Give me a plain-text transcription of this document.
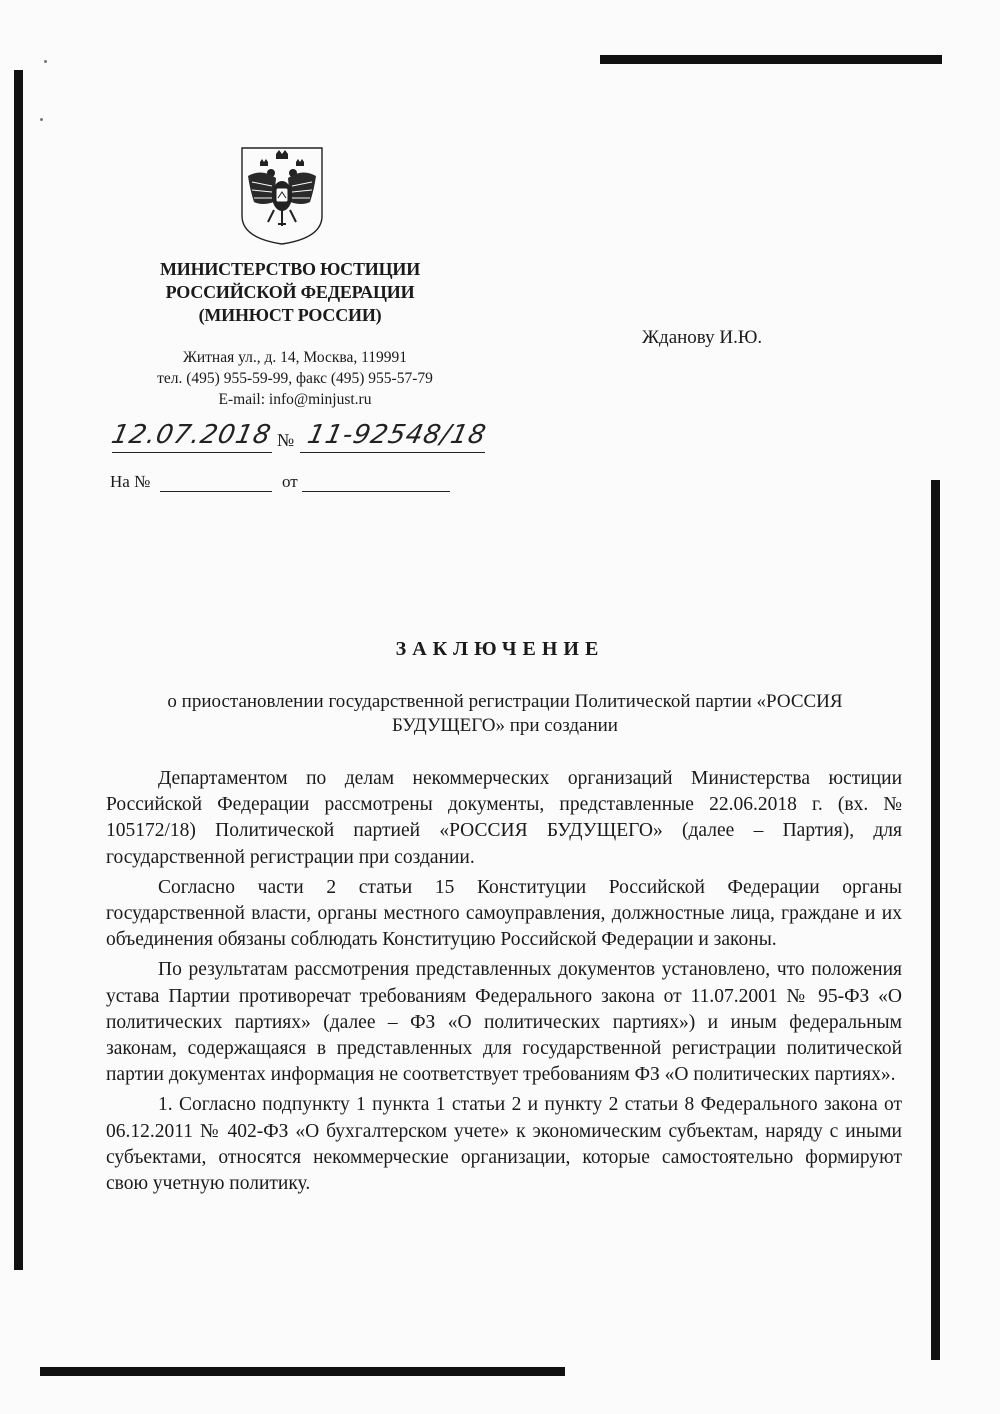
МИНИСТЕРСТВО ЮСТИЦИИ
РОССИЙСКОЙ ФЕДЕРАЦИИ
(МИНЮСТ РОССИИ)
Житная ул., д. 14, Москва, 119991
тел. (495) 955-59-99, факс (495) 955-57-79
E-mail: info@minjust.ru
Жданову И.Ю.
12.07.2018 № 11-92548/18
На №	от
ЗАКЛЮЧЕНИЕ
о приостановлении государственной регистрации Политической партии «РОССИЯ БУДУЩЕГО» при создании

Департаментом по делам некоммерческих организаций Министерства юстиции Российской Федерации рассмотрены документы, представленные 22.06.2018 г. (вх. № 105172/18) Политической партией «РОССИЯ БУДУЩЕГО» (далее – Партия), для государственной регистрации при создании.

Согласно части 2 статьи 15 Конституции Российской Федерации органы государственной власти, органы местного самоуправления, должностные лица, граждане и их объединения обязаны соблюдать Конституцию Российской Федерации и законы.

По результатам рассмотрения представленных документов установлено, что положения устава Партии противоречат требованиям Федерального закона от 11.07.2001 № 95-ФЗ «О политических партиях» (далее – ФЗ «О политических партиях») и иным федеральным законам, содержащаяся в представленных для государственной регистрации политической партии документах информация не соответствует требованиям ФЗ «О политических партиях».

1. Согласно подпункту 1 пункта 1 статьи 2 и пункту 2 статьи 8 Федерального закона от 06.12.2011 № 402-ФЗ «О бухгалтерском учете» к экономическим субъектам, наряду с иными субъектами, относятся некоммерческие организации, которые самостоятельно формируют свою учетную политику.
